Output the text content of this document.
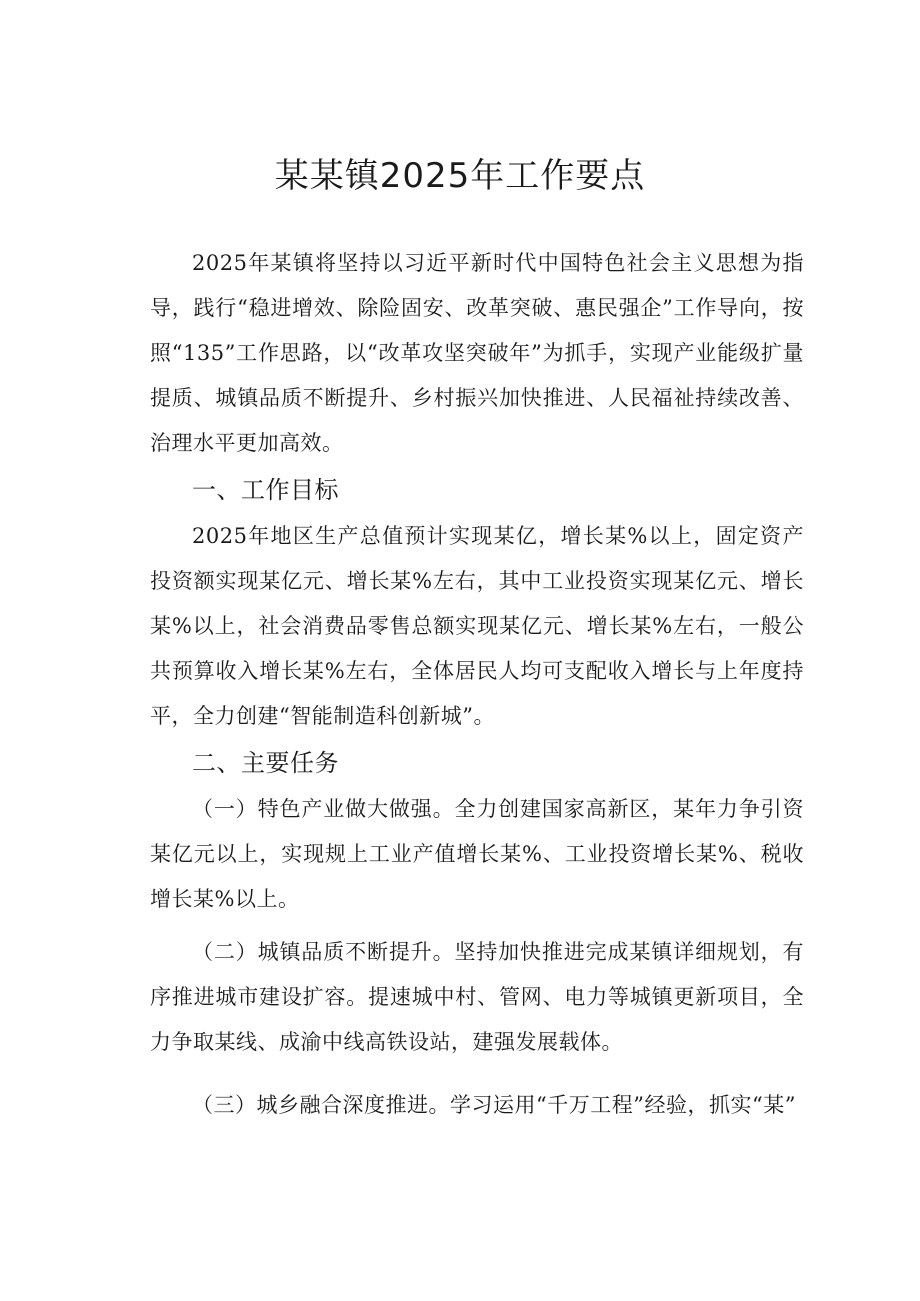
某某镇2025年工作要点

2025年某镇将坚持以习近平新时代中国特色社会主义思想为指导，践行“稳进增效、除险固安、改革突破、惠民强企”工作导向，按照“135”工作思路，以“改革攻坚突破年”为抓手，实现产业能级扩量提质、城镇品质不断提升、乡村振兴加快推进、人民福祉持续改善、治理水平更加高效。

一、工作目标

2025年地区生产总值预计实现某亿，增长某%以上，固定资产投资额实现某亿元、增长某%左右，其中工业投资实现某亿元、增长某%以上，社会消费品零售总额实现某亿元、增长某%左右，一般公共预算收入增长某%左右，全体居民人均可支配收入增长与上年度持平，全力创建“智能制造科创新城”。

二、主要任务

（一）特色产业做大做强。全力创建国家高新区，某年力争引资某亿元以上，实现规上工业产值增长某%、工业投资增长某%、税收增长某%以上。

（二）城镇品质不断提升。坚持加快推进完成某镇详细规划，有序推进城市建设扩容。提速城中村、管网、电力等城镇更新项目，全力争取某线、成渝中线高铁设站，建强发展载体。

（三）城乡融合深度推进。学习运用“千万工程”经验，抓实“某”
